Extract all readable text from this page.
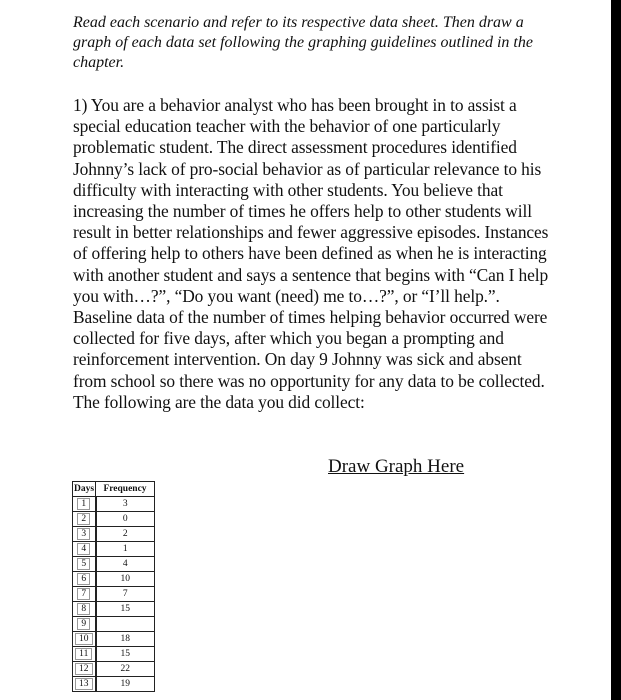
Read each scenario and refer to its respective data sheet. Then draw a graph of each data set following the graphing guidelines outlined in the chapter.

1) You are a behavior analyst who has been brought in to assist a special education teacher with the behavior of one particularly problematic student. The direct assessment procedures identified Johnny’s lack of pro-social behavior as of particular relevance to his difficulty with interacting with other students. You believe that increasing the number of times he offers help to other students will result in better relationships and fewer aggressive episodes. Instances of offering help to others have been defined as when he is interacting with another student and says a sentence that begins with “Can I help you with…?”, “Do you want (need) me to…?”, or “I’ll help.”. Baseline data of the number of times helping behavior occurred were collected for five days, after which you began a prompting and reinforcement intervention. On day 9 Johnny was sick and absent from school so there was no opportunity for any data to be collected. The following are the data you did collect:

Draw Graph Here
Days	Frequency
1	3
2	0
3	2
4	1
5	4
6	10
7	7
8	15
9	
10	18
11	15
12	22
13	19
